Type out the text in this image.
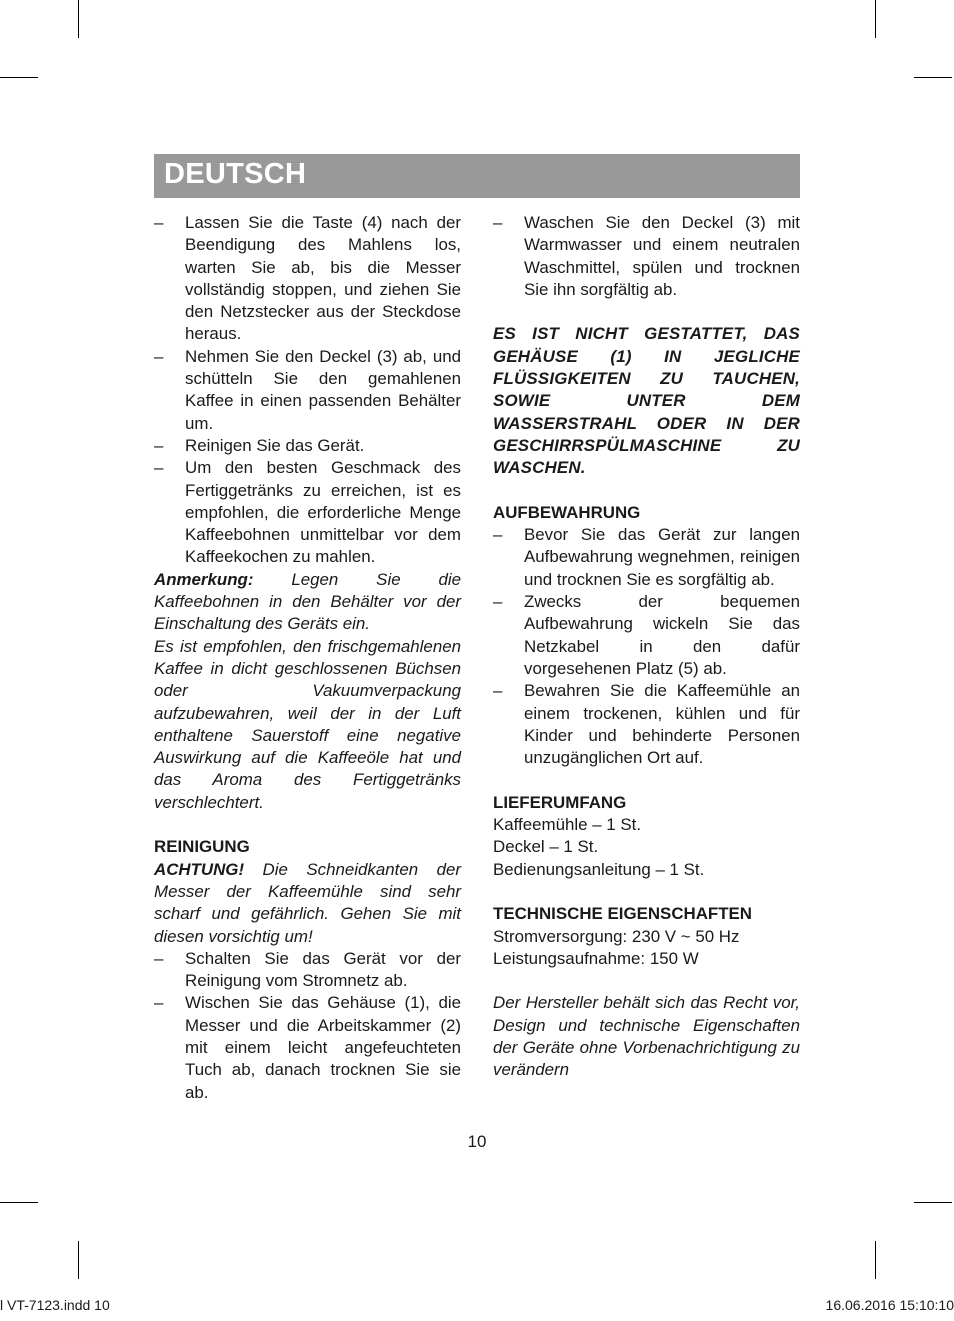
DEUTSCH

– Lassen Sie die Taste (4) nach der Beendigung des Mahlens los, warten Sie ab, bis die Messer vollständig stoppen, und ziehen Sie den Netzstecker aus der Steckdose heraus.

– Nehmen Sie den Deckel (3) ab, und schütteln Sie den gemahlenen Kaffee in einen passenden Behälter um.

– Reinigen Sie das Gerät.

– Um den besten Geschmack des Fertiggetränks zu erreichen, ist es empfohlen, die erforderliche Menge Kaffeebohnen unmittelbar vor dem Kaffeekochen zu mahlen.

Anmerkung: Legen Sie die Kaffeebohnen in den Behälter vor der Einschaltung des Geräts ein.

Es ist empfohlen, den frischgemahlenen Kaffee in dicht geschlossenen Büchsen oder Vakuumverpackung aufzubewahren, weil der in der Luft enthaltene Sauerstoff eine negative Auswirkung auf die Kaffeeöle hat und das Aroma des Fertiggetränks verschlechtert.

REINIGUNG

ACHTUNG! Die Schneidkanten der Messer der Kaffeemühle sind sehr scharf und gefährlich. Gehen Sie mit diesen vorsichtig um!

– Schalten Sie das Gerät vor der Reinigung vom Stromnetz ab.

– Wischen Sie das Gehäuse (1), die Messer und die Arbeitskammer (2) mit einem leicht angefeuchteten Tuch ab, danach trocknen Sie sie ab.

– Waschen Sie den Deckel (3) mit Warmwasser und einem neutralen Waschmittel, spülen und trocknen Sie ihn sorgfältig ab.

ES IST NICHT GESTATTET, DAS GEHÄUSE (1) IN JEGLICHE FLÜSSIGKEITEN ZU TAUCHEN, SOWIE UNTER DEM WASSERSTRAHL ODER IN DER GESCHIRRSPÜLMASCHINE ZU WASCHEN.

AUFBEWAHRUNG

– Bevor Sie das Gerät zur langen Aufbewahrung wegnehmen, reinigen und trocknen Sie es sorgfältig ab.

– Zwecks der bequemen Aufbewahrung wickeln Sie das Netzkabel in den dafür vorgesehenen Platz (5) ab.

– Bewahren Sie die Kaffeemühle an einem trockenen, kühlen und für Kinder und behinderte Personen unzugänglichen Ort auf.

LIEFERUMFANG

Kaffeemühle – 1 St.

Deckel – 1 St.

Bedienungsanleitung – 1 St.

TECHNISCHE EIGENSCHAFTEN

Stromversorgung: 230 V ~ 50 Hz

Leistungsaufnahme: 150 W

Der Hersteller behält sich das Recht vor, Design und technische Eigenschaften der Geräte ohne Vorbenachrichtigung zu verändern

10
l VT-7123.indd 10	16.06.2016 15:10:10
